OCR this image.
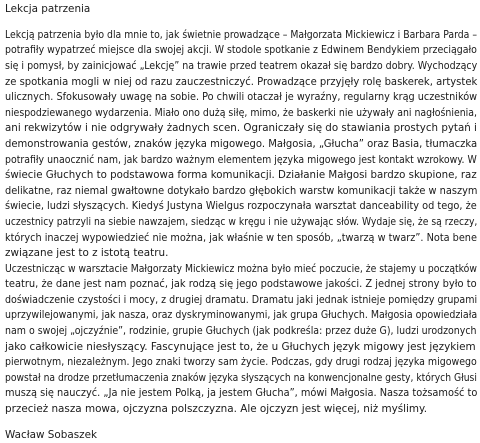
Lekcja patrzenia
Lekcją patrzenia było dla mnie to, jak świetnie prowadzące – Małgorzata Mickiewicz i Barbara Parda –
potrafiły wypatrzeć miejsce dla swojej akcji. W stodole spotkanie z Edwinem Bendykiem przeciągało
się i pomysł, by zainicjować „Lekcję” na trawie przed teatrem okazał się bardzo dobry. Wychodzący
ze spotkania mogli w niej od razu zauczestniczyć. Prowadzące przyjęły rolę baskerek, artystek
ulicznych. Sfokusowały uwagę na sobie. Po chwili otaczał je wyraźny, regularny krąg uczestników
niespodziewanego wydarzenia. Miało ono dużą siłę, mimo, że baskerki nie używały ani nagłośnienia,
ani rekwizytów i nie odgrywały żadnych scen. Ograniczały się do stawiania prostych pytań i
demonstrowania gestów, znaków języka migowego. Małgosia, „Głucha” oraz Basia, tłumaczka
potrafiły unaocznić nam, jak bardzo ważnym elementem języka migowego jest kontakt wzrokowy. W
świecie Głuchych to podstawowa forma komunikacji. Działanie Małgosi bardzo skupione, raz
delikatne, raz niemal gwałtowne dotykało bardzo głębokich warstw komunikacji także w naszym
świecie, ludzi słyszących. Kiedyś Justyna Wielgus rozpoczynała warsztat danceability od tego, że
uczestnicy patrzyli na siebie nawzajem, siedząc w kręgu i nie używając słów. Wydaje się, że są rzeczy,
których inaczej wypowiedzieć nie można, jak właśnie w ten sposób, „twarzą w twarz”. Nota bene
związane jest to z istotą teatru.
Uczestnicząc w warsztacie Małgorzaty Mickiewicz można było mieć poczucie, że stajemy u początków
teatru, że dane jest nam poznać, jak rodzą się jego podstawowe jakości. Z jednej strony było to
doświadczenie czystości i mocy, z drugiej dramatu. Dramatu jaki jednak istnieje pomiędzy grupami
uprzywilejowanymi, jak nasza, oraz dyskryminowanymi, jak grupa Głuchych. Małgosia opowiedziała
nam o swojej „ojczyźnie”, rodzinie, grupie Głuchych (jak podkreśla: przez duże G), ludzi urodzonych
jako całkowicie niesłyszący. Fascynujące jest to, że u Głuchych język migowy jest językiem
pierwotnym, niezależnym. Jego znaki tworzy sam życie. Podczas, gdy drugi rodzaj języka migowego
powstał na drodze przetłumaczenia znaków języka słyszących na konwencjonalne gesty, których Głusi
muszą się nauczyć. „Ja nie jestem Polką, ja jestem Głucha”, mówi Małgosia. Nasza tożsamość to
przecież nasza mowa, ojczyzna polszczyzna. Ale ojczyzn jest więcej, niż myślimy.
Wacław Sobaszek
